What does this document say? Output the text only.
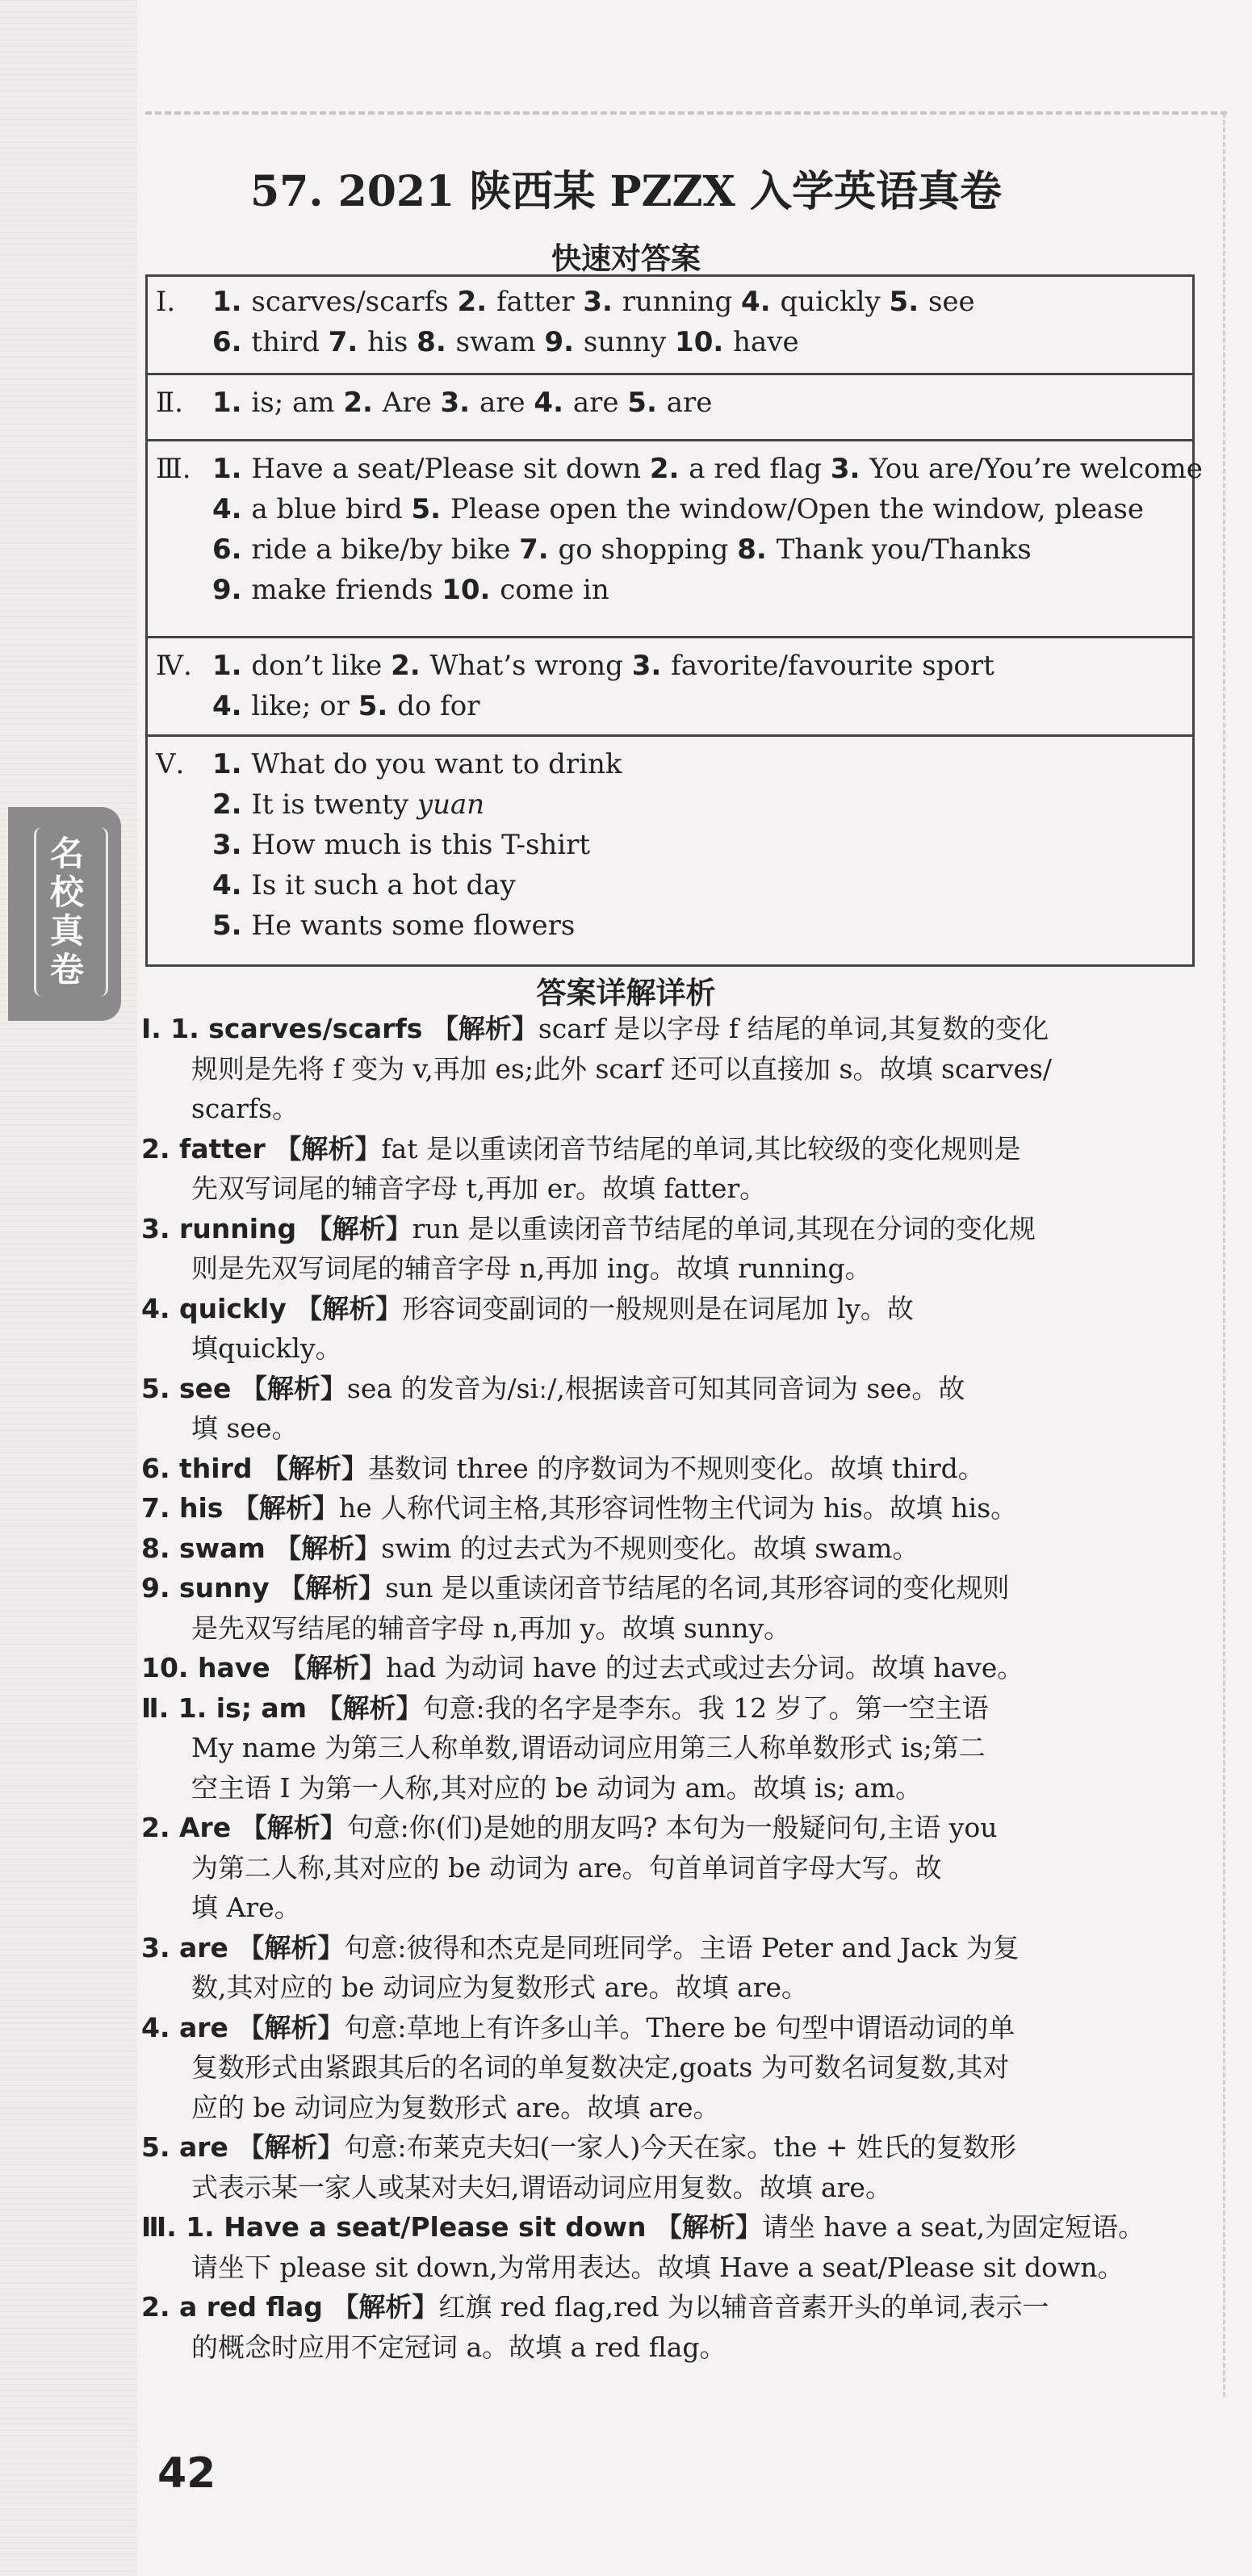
名校真卷
57. 2021 陕西某 PZZX 入学英语真卷
快速对答案
Ⅰ. 1. scarves/scarfs 2. fatter 3. running 4. quickly 5. see
6. third 7. his 8. swam 9. sunny 10. have
Ⅱ. 1. is; am 2. Are 3. are 4. are 5. are
Ⅲ. 1. Have a seat/Please sit down 2. a red flag 3. You are/You’re welcome
4. a blue bird 5. Please open the window/Open the window, please
6. ride a bike/by bike 7. go shopping 8. Thank you/Thanks
9. make friends 10. come in
Ⅳ. 1. don’t like 2. What’s wrong 3. favorite/favourite sport
4. like; or 5. do for
Ⅴ. 1. What do you want to drink
2. It is twenty yuan
3. How much is this T-shirt
4. Is it such a hot day
5. He wants some flowers
答案详解详析
Ⅰ. 1. scarves/scarfs 【解析】scarf 是以字母 f 结尾的单词,其复数的变化
规则是先将 f 变为 v,再加 es;此外 scarf 还可以直接加 s。故填 scarves/
scarfs。
2. fatter 【解析】fat 是以重读闭音节结尾的单词,其比较级的变化规则是
先双写词尾的辅音字母 t,再加 er。故填 fatter。
3. running 【解析】run 是以重读闭音节结尾的单词,其现在分词的变化规
则是先双写词尾的辅音字母 n,再加 ing。故填 running。
4. quickly 【解析】形容词变副词的一般规则是在词尾加 ly。故
填quickly。
5. see 【解析】sea 的发音为/siː/,根据读音可知其同音词为 see。故
填 see。
6. third 【解析】基数词 three 的序数词为不规则变化。故填 third。
7. his 【解析】he 人称代词主格,其形容词性物主代词为 his。故填 his。
8. swam 【解析】swim 的过去式为不规则变化。故填 swam。
9. sunny 【解析】sun 是以重读闭音节结尾的名词,其形容词的变化规则
是先双写结尾的辅音字母 n,再加 y。故填 sunny。
10. have 【解析】had 为动词 have 的过去式或过去分词。故填 have。
Ⅱ. 1. is; am 【解析】句意:我的名字是李东。我 12 岁了。第一空主语
My name 为第三人称单数,谓语动词应用第三人称单数形式 is;第二
空主语 I 为第一人称,其对应的 be 动词为 am。故填 is; am。
2. Are 【解析】句意:你(们)是她的朋友吗? 本句为一般疑问句,主语 you
为第二人称,其对应的 be 动词为 are。句首单词首字母大写。故
填 Are。
3. are 【解析】句意:彼得和杰克是同班同学。主语 Peter and Jack 为复
数,其对应的 be 动词应为复数形式 are。故填 are。
4. are 【解析】句意:草地上有许多山羊。There be 句型中谓语动词的单
复数形式由紧跟其后的名词的单复数决定,goats 为可数名词复数,其对
应的 be 动词应为复数形式 are。故填 are。
5. are 【解析】句意:布莱克夫妇(一家人)今天在家。the + 姓氏的复数形
式表示某一家人或某对夫妇,谓语动词应用复数。故填 are。
Ⅲ. 1. Have a seat/Please sit down 【解析】请坐 have a seat,为固定短语。
请坐下 please sit down,为常用表达。故填 Have a seat/Please sit down。
2. a red flag 【解析】红旗 red flag,red 为以辅音音素开头的单词,表示一
的概念时应用不定冠词 a。故填 a red flag。
42
